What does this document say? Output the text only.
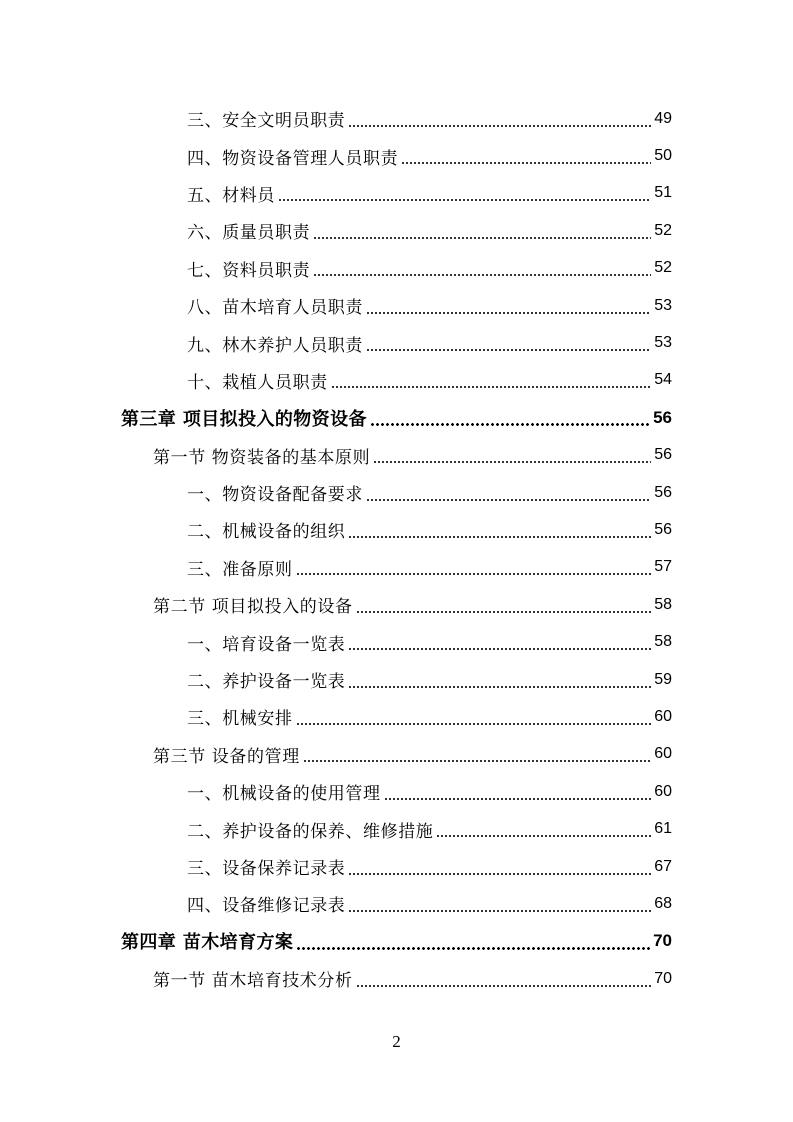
三、安全文明员职责	49
四、物资设备管理人员职责	50
五、材料员	51
六、质量员职责	52
七、资料员职责	52
八、苗木培育人员职责	53
九、林木养护人员职责	53
十、栽植人员职责	54
第三章 项目拟投入的物资设备	56
第一节 物资装备的基本原则	56
一、物资设备配备要求	56
二、机械设备的组织	56
三、准备原则	57
第二节 项目拟投入的设备	58
一、培育设备一览表	58
二、养护设备一览表	59
三、机械安排	60
第三节 设备的管理	60
一、机械设备的使用管理	60
二、养护设备的保养、维修措施	61
三、设备保养记录表	67
四、设备维修记录表	68
第四章 苗木培育方案	70
第一节 苗木培育技术分析	70
2
